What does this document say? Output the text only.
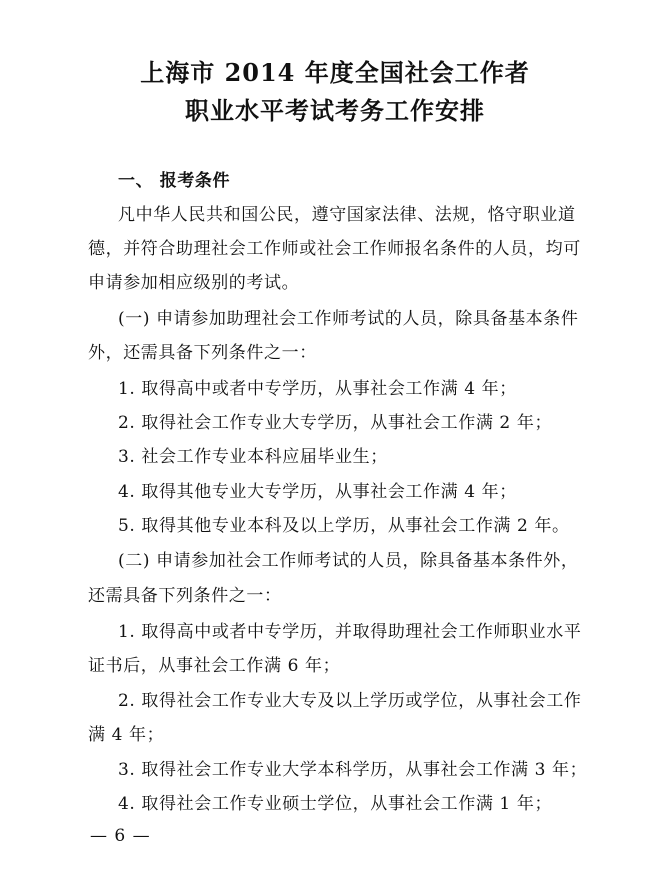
上海市 2014 年度全国社会工作者
职业水平考试考务工作安排
一、 报考条件
凡中华人民共和国公民，遵守国家法律、法规，恪守职业道
德，并符合助理社会工作师或社会工作师报名条件的人员，均可
申请参加相应级别的考试。
(一) 申请参加助理社会工作师考试的人员，除具备基本条件
外，还需具备下列条件之一：
1. 取得高中或者中专学历，从事社会工作满 4 年；
2. 取得社会工作专业大专学历，从事社会工作满 2 年；
3. 社会工作专业本科应届毕业生；
4. 取得其他专业大专学历，从事社会工作满 4 年；
5. 取得其他专业本科及以上学历，从事社会工作满 2 年。
(二) 申请参加社会工作师考试的人员，除具备基本条件外，
还需具备下列条件之一：
1. 取得高中或者中专学历，并取得助理社会工作师职业水平
证书后，从事社会工作满 6 年；
2. 取得社会工作专业大专及以上学历或学位，从事社会工作
满 4 年；
3. 取得社会工作专业大学本科学历，从事社会工作满 3 年；
4. 取得社会工作专业硕士学位，从事社会工作满 1 年；
— 6 —
